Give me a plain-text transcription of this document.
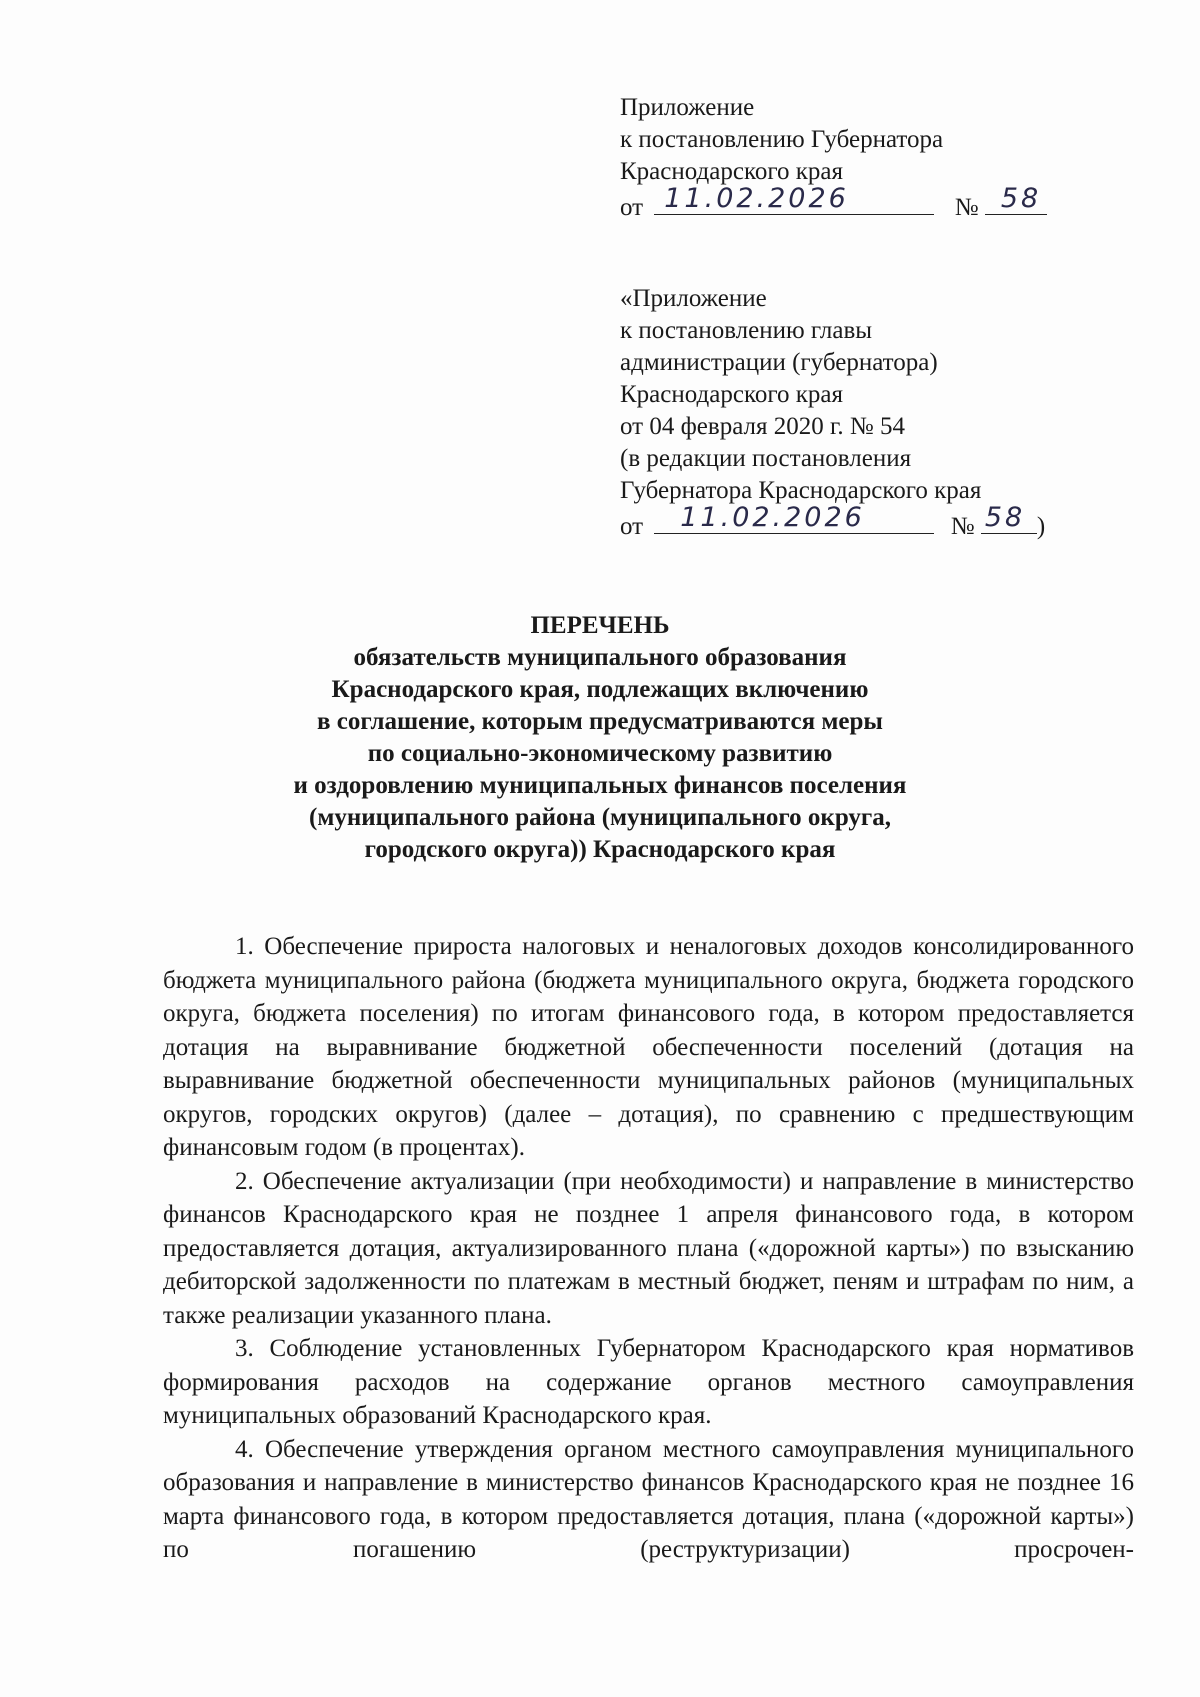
Приложение
к постановлению Губернатора
Краснодарского края
от 11.02.2026	№ 58
«Приложение
к постановлению главы
администрации (губернатора)
Краснодарского края
от 04 февраля 2020 г. № 54
(в редакции постановления
Губернатора Краснодарского края
от 11.02.2026	№ 58 )
ПЕРЕЧЕНЬ
обязательств муниципального образования
Краснодарского края, подлежащих включению
в соглашение, которым предусматриваются меры
по социально-экономическому развитию
и оздоровлению муниципальных финансов поселения
(муниципального района (муниципального округа,
городского округа)) Краснодарского края

1. Обеспечение прироста налоговых и неналоговых доходов консолидированного бюджета муниципального района (бюджета муниципального округа, бюджета городского округа, бюджета поселения) по итогам финансового года, в котором предоставляется дотация на выравнивание бюджетной обеспеченности поселений (дотация на выравнивание бюджетной обеспеченности муниципальных районов (муниципальных округов, городских округов) (далее – дотация), по сравнению с предшествующим финансовым годом (в процентах).

2. Обеспечение актуализации (при необходимости) и направление в министерство финансов Краснодарского края не позднее 1 апреля финансового года, в котором предоставляется дотация, актуализированного плана («дорожной карты») по взысканию дебиторской задолженности по платежам в местный бюджет, пеням и штрафам по ним, а также реализации указанного плана.

3. Соблюдение установленных Губернатором Краснодарского края нормативов формирования расходов на содержание органов местного самоуправления муниципальных образований Краснодарского края.

4. Обеспечение утверждения органом местного самоуправления муниципального образования и направление в министерство финансов Краснодарского края не позднее 16 марта финансового года, в котором предоставляется дотация, плана («дорожной карты») по погашению (реструктуризации) просрочен-
